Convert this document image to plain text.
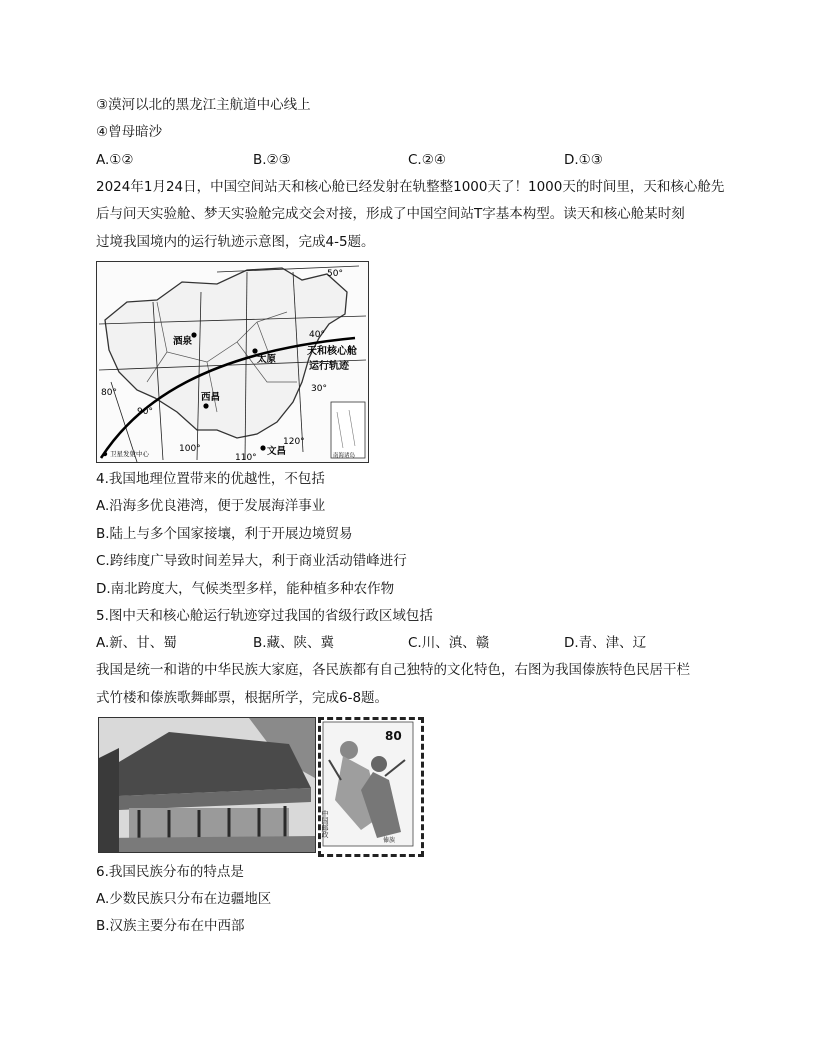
③漠河以北的黑龙江主航道中心线上
④曾母暗沙
A.①②	B.②③	C.②④	D.①③
2024年1月24日，中国空间站天和核心舱已经发射在轨整整1000天了！1000天的时间里，天和核心舱先
后与问天实验舱、梦天实验舱完成交会对接，形成了中国空间站T字基本构型。读天和核心舱某时刻
过境我国境内的运行轨迹示意图，完成4-5题。
50°
40°
30°
80°
90°
100°
110°
120°
酒泉
太原
西昌
文昌
天和核心舱
运行轨迹
卫星发射中心	南海诸岛
4.我国地理位置带来的优越性，不包括
A.沿海多优良港湾，便于发展海洋事业
B.陆上与多个国家接壤，利于开展边境贸易
C.跨纬度广导致时间差异大，利于商业活动错峰进行
D.南北跨度大，气候类型多样，能种植多种农作物
5.图中天和核心舱运行轨迹穿过我国的省级行政区域包括
A.新、甘、蜀	B.藏、陕、冀	C.川、滇、赣	D.青、津、辽
我国是统一和谐的中华民族大家庭，各民族都有自己独特的文化特色，右图为我国傣族特色民居干栏
式竹楼和傣族歌舞邮票，根据所学，完成6-8题。
80
中国邮政
傣族
6.我国民族分布的特点是
A.少数民族只分布在边疆地区
B.汉族主要分布在中西部
